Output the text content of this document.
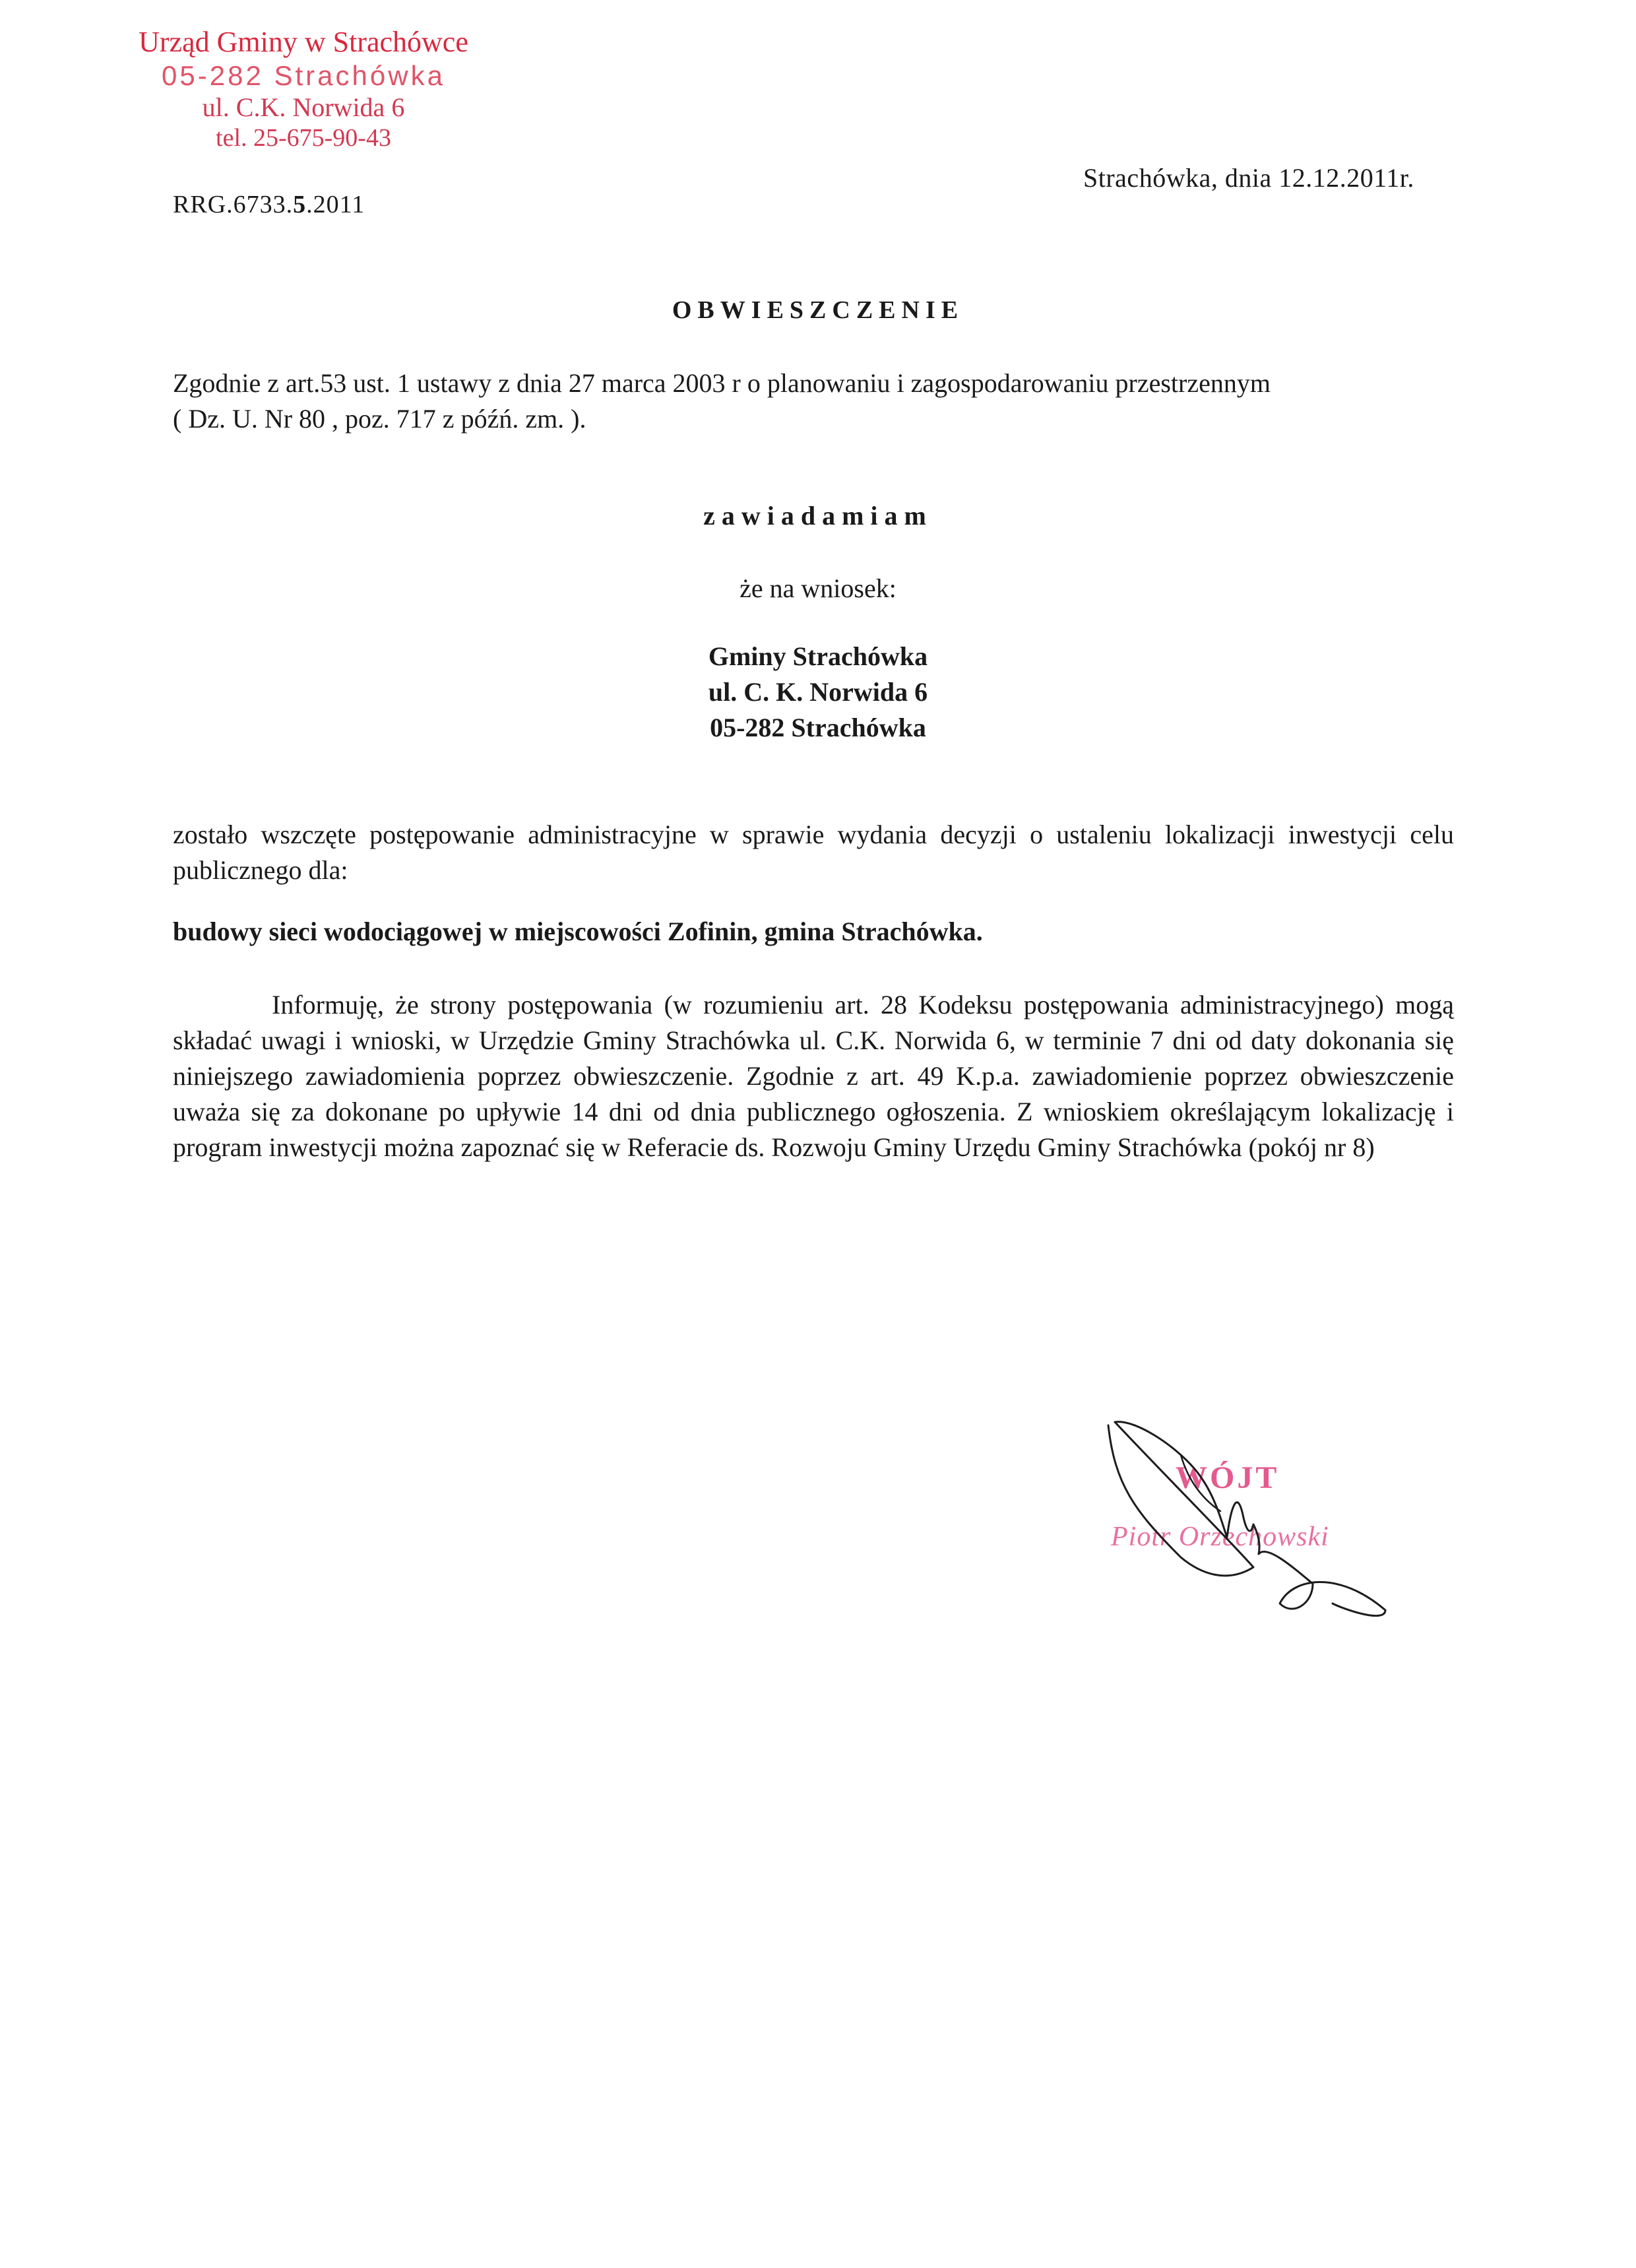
Urząd Gminy w Strachówce
05-282 Strachówka
ul. C.K. Norwida 6
tel. 25-675-90-43
RRG.6733.5.2011
Strachówka, dnia 12.12.2011r.
OBWIESZCZENIE
Zgodnie z art.53 ust. 1 ustawy z dnia 27 marca 2003 r o planowaniu i zagospodarowaniu przestrzennym
( Dz. U. Nr 80 , poz. 717 z późń. zm. ).
zawiadamiam
że na wniosek:
Gminy Strachówka
ul. C. K. Norwida 6
05-282 Strachówka
zostało wszczęte postępowanie administracyjne w sprawie wydania decyzji o ustaleniu lokalizacji inwestycji celu publicznego dla:
budowy sieci wodociągowej w miejscowości Zofinin, gmina Strachówka.
Informuję, że strony postępowania (w rozumieniu art. 28 Kodeksu postępowania administracyjnego) mogą składać uwagi i wnioski, w Urzędzie Gminy Strachówka ul. C.K. Norwida 6, w terminie 7 dni od daty dokonania się niniejszego zawiadomienia poprzez obwieszczenie. Zgodnie z art. 49 K.p.a. zawiadomienie poprzez obwieszczenie uważa się za dokonane po upływie 14 dni od dnia publicznego ogłoszenia. Z wnioskiem określającym lokalizację i program inwestycji można zapoznać się w Referacie ds. Rozwoju Gminy Urzędu Gminy Strachówka (pokój nr 8)
WÓJT
Piotr Orzechowski
